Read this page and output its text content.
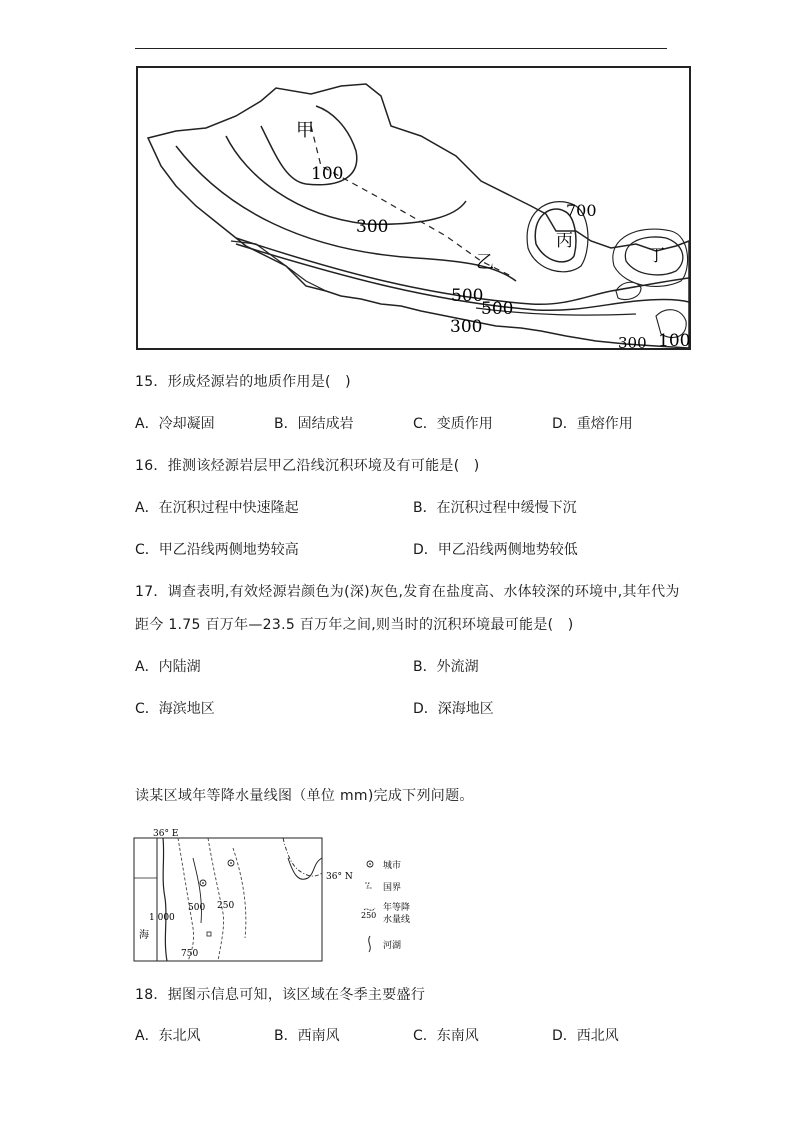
甲
100
300
乙
丙
700
丁
500
500
300
300 100
15．形成烃源岩的地质作用是(　)
A．冷却凝固	B．固结成岩	C．变质作用	D．重熔作用
16．推测该烃源岩层甲乙沿线沉积环境及有可能是(　)
A．在沉积过程中快速隆起	B．在沉积过程中缓慢下沉
C．甲乙沿线两侧地势较高	D．甲乙沿线两侧地势较低
17．调查表明,有效烃源岩颜色为(深)灰色,发育在盐度高、水体较深的环境中,其年代为
距今 1.75 百万年—23.5 百万年之间,则当时的沉积环境最可能是(　)
A．内陆湖	B．外流湖
C．海滨地区	D．深海地区
读某区域年等降水量线图（单位 mm)完成下列问题。
36° E
36° N
海
500 250
1 000
750
城市
国界
250
年等降
水量线
河湖
18．据图示信息可知，该区域在冬季主要盛行
A．东北风	B．西南风	C．东南风	D．西北风
